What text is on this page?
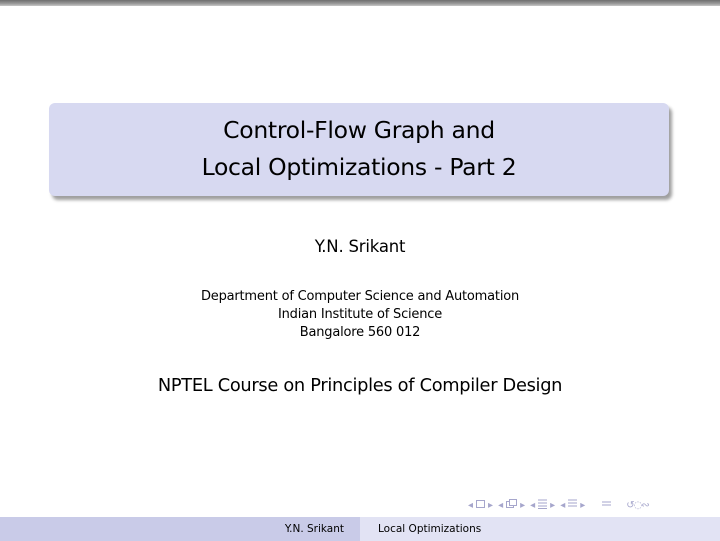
Control-Flow Graph and
Local Optimizations - Part 2
Y.N. Srikant
Department of Computer Science and Automation
Indian Institute of Science
Bangalore 560 012
NPTEL Course on Principles of Compiler Design
◂ ▸ ◂ ▸ ◂ ▸ ◂ ▸	↺◌∾
Y.N. Srikant	Local Optimizations
